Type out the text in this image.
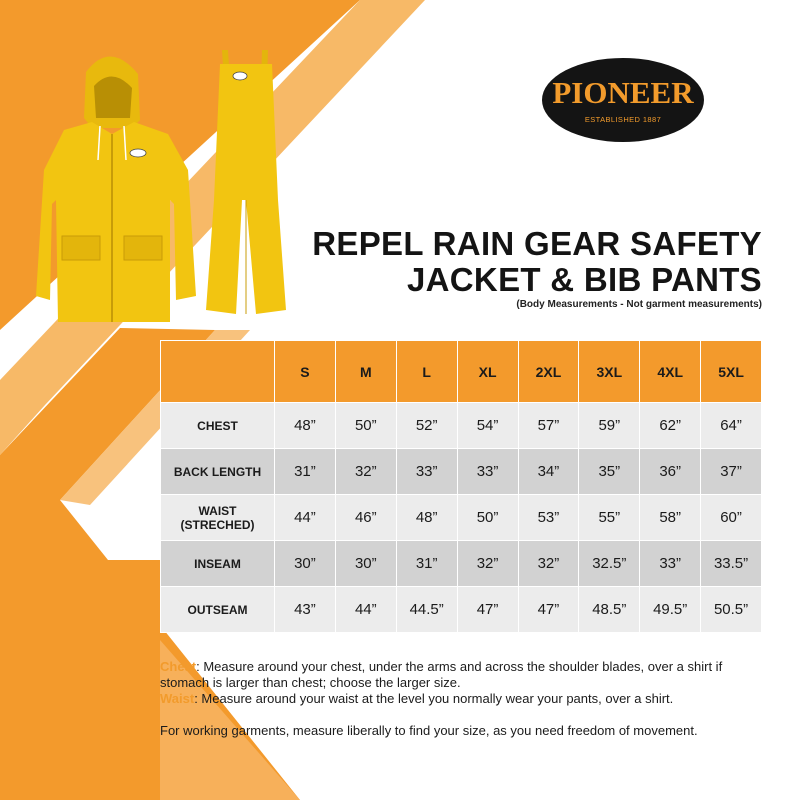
PIONEER
ESTABLISHED 1887
REPEL RAIN GEAR SAFETY
JACKET & BIB PANTS
(Body Measurements - Not garment measurements)
	S	M	L	XL	2XL	3XL	4XL	5XL
CHEST	48”	50”	52”	54”	57”	59”	62”	64”
BACK LENGTH	31”	32”	33”	33”	34”	35”	36”	37”
WAIST
(STRECHED)	44”	46”	48”	50”	53”	55”	58”	60”
INSEAM	30”	30”	31”	32”	32”	32.5”	33”	33.5”
OUTSEAM	43”	44”	44.5”	47”	47”	48.5”	49.5”	50.5”

Chest: Measure around your chest, under the arms and across the shoulder blades, over a shirt if stomach is larger than chest; choose the larger size.

Waist: Measure around your waist at the level you normally wear your pants, over a shirt.

For working garments, measure liberally to find your size, as you need freedom of movement.
